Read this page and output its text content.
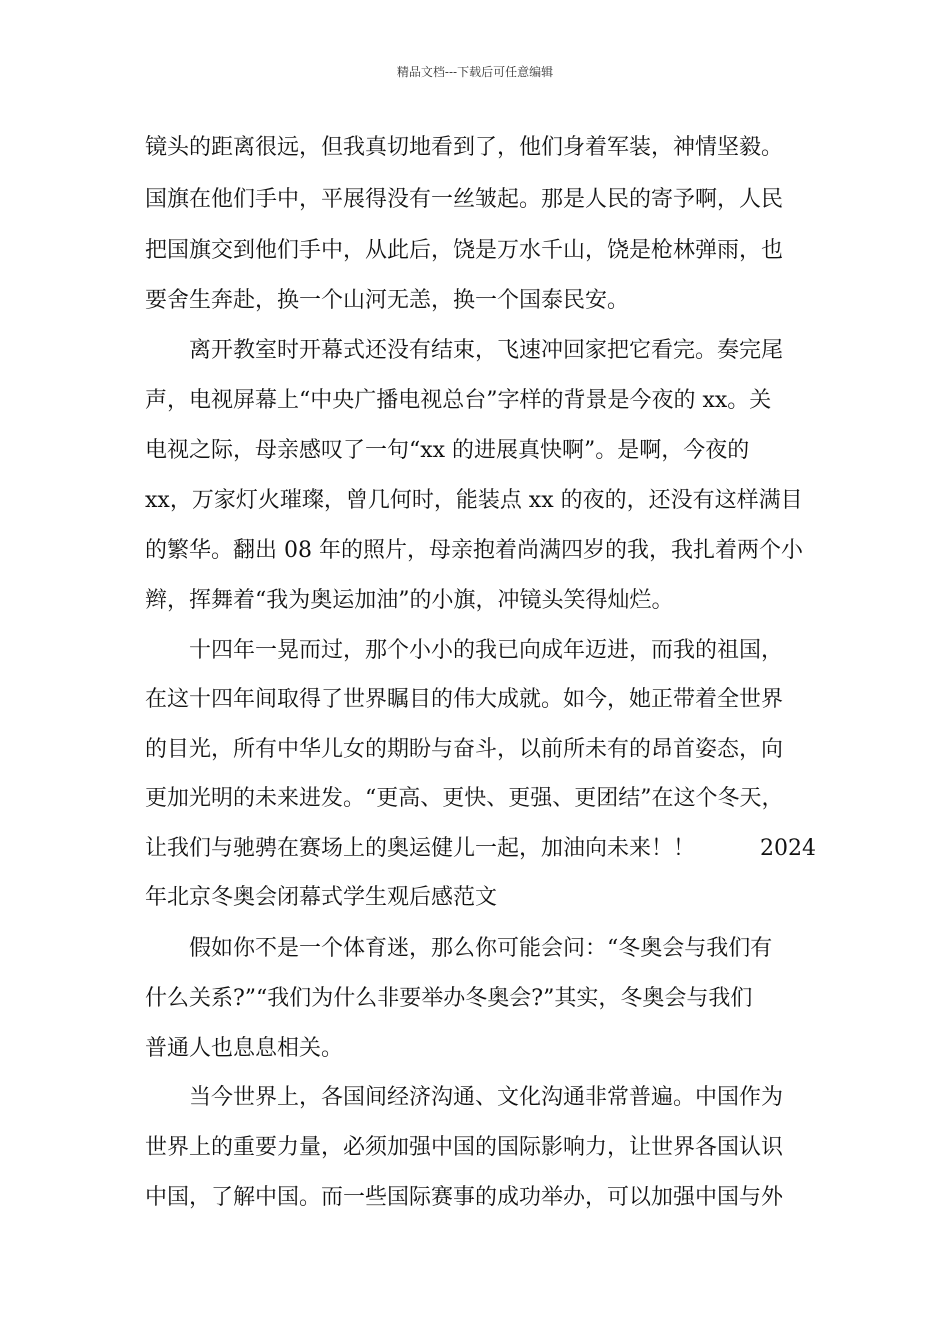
精品文档---下载后可任意编辑
镜头的距离很远，但我真切地看到了，他们身着军装，神情坚毅。
国旗在他们手中，平展得没有一丝皱起。那是人民的寄予啊，人民
把国旗交到他们手中，从此后，饶是万水千山，饶是枪林弹雨，也
要舍生奔赴，换一个山河无恙，换一个国泰民安。
离开教室时开幕式还没有结束，飞速冲回家把它看完。奏完尾
声，电视屏幕上“中央广播电视总台”字样的背景是今夜的 xx。关
电视之际，母亲感叹了一句“xx 的进展真快啊”。是啊，今夜的
xx，万家灯火璀璨，曾几何时，能装点 xx 的夜的，还没有这样满目
的繁华。翻出 08 年的照片，母亲抱着尚满四岁的我，我扎着两个小
辫，挥舞着“我为奥运加油”的小旗，冲镜头笑得灿烂。
十四年一晃而过，那个小小的我已向成年迈进，而我的祖国，
在这十四年间取得了世界瞩目的伟大成就。如今，她正带着全世界
的目光，所有中华儿女的期盼与奋斗，以前所未有的昂首姿态，向
更加光明的未来进发。“更高、更快、更强、更团结”在这个冬天，
让我们与驰骋在赛场上的奥运健儿一起，加油向未来！！	2024
年北京冬奥会闭幕式学生观后感范文
假如你不是一个体育迷，那么你可能会问：“冬奥会与我们有
什么关系?”“我们为什么非要举办冬奥会?”其实，冬奥会与我们
普通人也息息相关。
当今世界上，各国间经济沟通、文化沟通非常普遍。中国作为
世界上的重要力量，必须加强中国的国际影响力，让世界各国认识
中国，了解中国。而一些国际赛事的成功举办，可以加强中国与外
